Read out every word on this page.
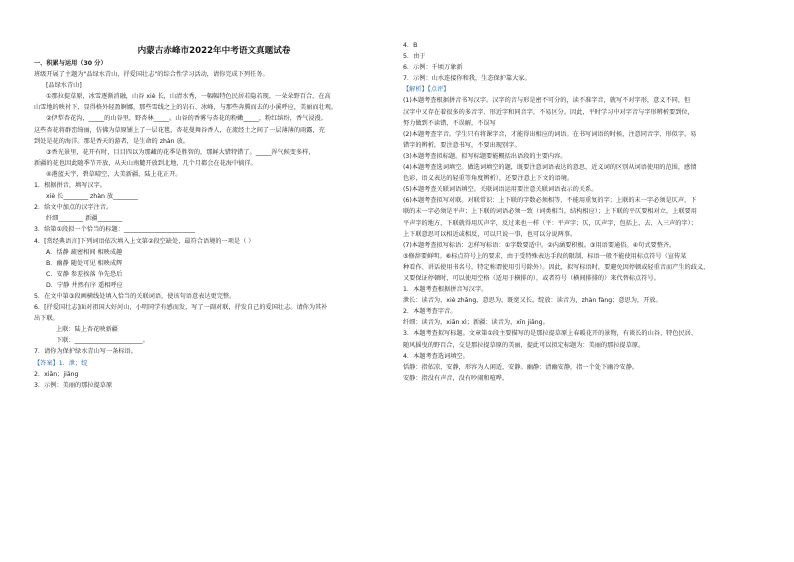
内蒙古赤峰市2022年中考语文真题试卷
一、积累与运用（30 分）
班级开展了主题为"品绿水青山，抒爱国壮志"的综合性学习活动，请你完成下列任务。
[品绿水青山]
①那拉提草原，冰雪逐渐消融，山谷 xiè 长，山清水秀，一幅幅特色民居若隐若现，一朵朵野百合，在高
山雪地的映衬下，显得格外轻盈婀娜，那些雪线之上的岩石、冰峰，与那些奔腾而去的小溪呼应，美丽而壮观。
②伊犁杏花沟，_____的山谷里，野杏林_____。山谷的香雾与杏花的粉嫩_____，粉红缤纷，香气浸漫。
这些杏花将群峦绮丽，仿佛为草原铺上了一层花毯，杏花曼舞谷香人，在流经土之间了一层薄薄的雨露，充
到处是花的海洋。那是香天的游者，是生命的 zhàn 放。
③香光景里，花开有时，目目四以为那藏的花季是胜智的，那鲜大错特错了。_____浑气候变多样，
新疆的花也因此随季节开放，从天山南麓开放到北地，几个月都会在花海中徜徉。
④港蓝天宇，碧草晴空，大美新疆，陆上花正开。
1．根据拼音，填写汉字。
xiè 长________ zhàn 放________
2．给文中加点的汉字注音。
纤细________ 新疆________
3．给第①段拟一个恰当的标题：_______________________
4．[赏经典语言]下列词语依次填入上文第②段空缺处，最符合语境的一项是（ ）
A．恬静 疏密相间 相映成趣
B．幽静 随处可见 相映成辉
C．安静 参差挨落 争先恐后
D．宁静 井然有序 遥相呼应
5．在文中第③段画横线处填入恰当的关联词语，使该句语意表达更完整。
6．[抒爱国壮志]面对祖国大好河山，小明同学有感而发，写了一副对联，抒发自己的爱国壮志。请你为其补
出下联。
上联：陆上杏花映新疆
下联：______________________。
7．请你为保护绿水青山写一条标语。
【答案】1．泄；绽
2．xiān；jiāng
3．示例：美丽的那拉提草原
4．B
5．由于
6．示例：千顷万象新
7．示例：山水连接你和我，生态保护靠大家。
【解析】【点评】
(1)本题考查根据拼音书写汉字。汉字的音与形是密不可分的，读不准字音，就写不对字形，意义不同，但
汉字中又存在着很多的多音字、形近字和同音字，不易区分。因此，平时学习中对字音与字形辨析要到位，
努力做到不读错，不误解，不误写
(2)本题考查字音。学生只有将课字音，才能得出相应的词语。在书写词语的时候，注意同音字、形似字、易
错字的辨析，要注意书写，不要出现别字。
(3)本题考查拟标题。拟写标题要能概括出语段的主要内容。
(4)本题考查选词填空。做选词填空的题，既要注意词语表达的意思，近义词的区别从词语使用的范围，感情
色彩，语义表达的轻重等角度辨析），还要注意上下文的语境。
(5)本题考查关联词语填空。关联词语运用要注意关联词语表示的关系。
(6)本题考查拟写对联。对联常识：上下联的字数必须相等，不能用重复的字；上联的末一字必须是仄声，下
联的末一字必须是平声；上下联的词语必须一致（词类相当，结构相应）；上下联的平仄要相对立，上联要用
平声字的地方，下联就得用仄声字，反过来也一样（平：平声字；仄，仄声字，包括上、去、入三声的字）；
上下联意思可以相近或相反，可以只说一事，也可以分说两事。
(7)本题考查拟写标语：怎样写标语：①字数要适中。②内涵要积极。③用语要通俗。④句式要整齐。
⑤修辞要鲜明。⑥标点符号上的要求，由于受特殊表达手段的限制，标语一般不能使用标点符号（宣传某
种看作、讲话使用书名号，特定称谓使用引号除外）。因此，拟写标语时，要避免因停顿或轻重音而产生的歧义，
又要保证停顿时，可以使用空格（适用于横排的），或者符号（横间排排的）来代替标点符号。
1．本题考查根据拼音写汉字。
泄长：读音为，xiè zhǎng，意思为，既宽又长。绽放：读音为，zhàn fàng；意思为，开放。
2．本题考查字音。
纤细：读音为，xiān xì；新疆：读音为，xīn jiāng。
3．本题考查拟写标题。文章第①段主要描写的是那拉提草原上春暖花开的景物，有谈长的山谷、特色民居、
随风摇曳的野百合，交是那拉提草原的美丽，提此可以拟定标题为：美丽的那拉提草原。
4．本题考查选词填空。
恬静：指依凉、安静，形容为人闲适，安静。幽静：清幽安静，指一个处下幽冷安静。
安静：指没有声音，没有吵闹和喧哗。
